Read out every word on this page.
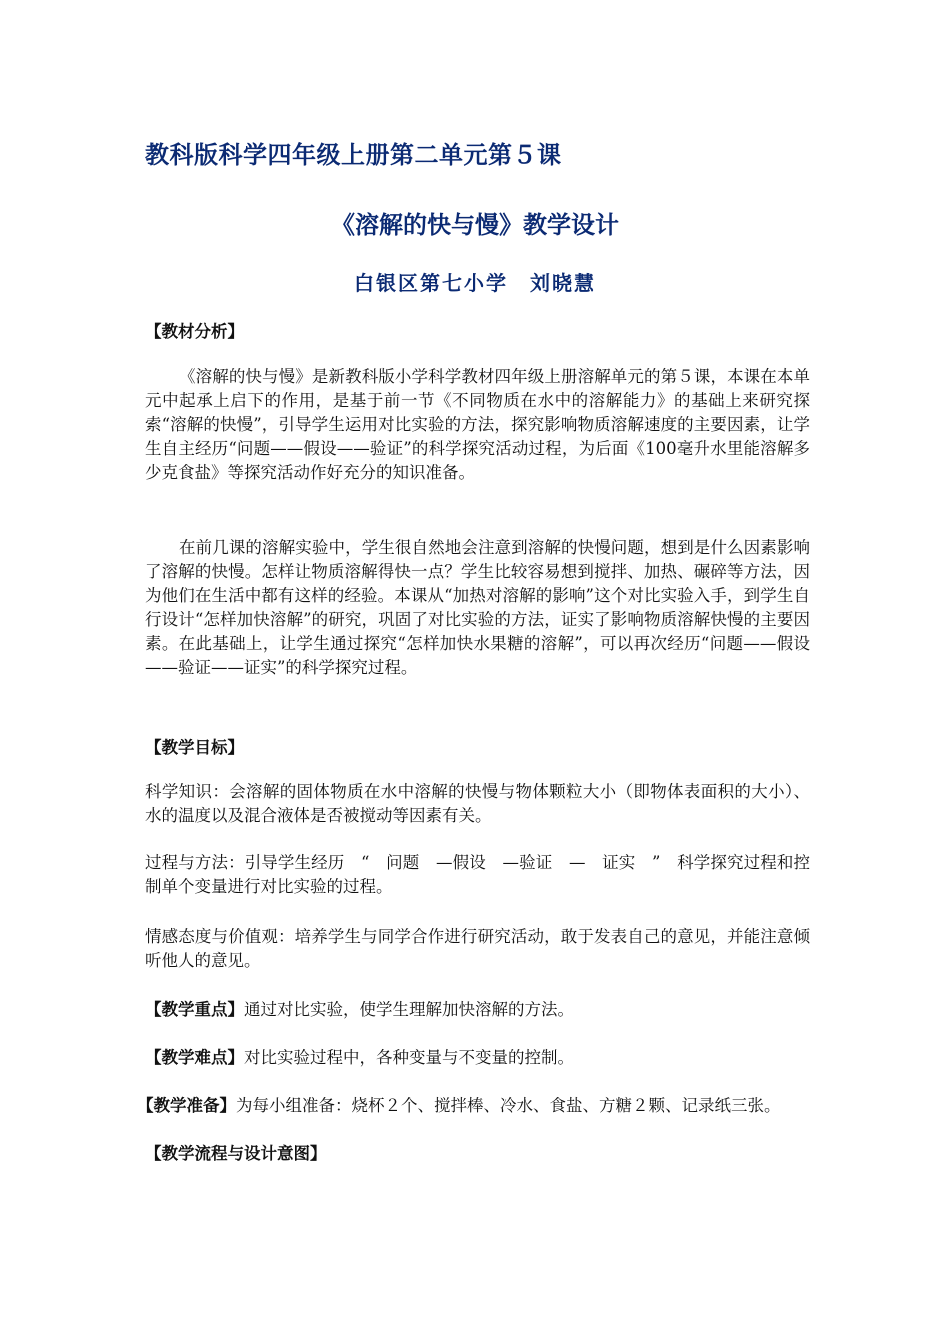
教科版科学四年级上册第二单元第５课
《溶解的快与慢》教学设计
白银区第七小学　刘晓慧
【教材分析】
《溶解的快与慢》是新教科版小学科学教材四年级上册溶解单元的第５课，本课在本单元中起承上启下的作用，是基于前一节《不同物质在水中的溶解能力》的基础上来研究探索“溶解的快慢”，引导学生运用对比实验的方法，探究影响物质溶解速度的主要因素，让学生自主经历“问题——假设——验证”的科学探究活动过程，为后面《100毫升水里能溶解多少克食盐》等探究活动作好充分的知识准备。
在前几课的溶解实验中，学生很自然地会注意到溶解的快慢问题，想到是什么因素影响了溶解的快慢。怎样让物质溶解得快一点？学生比较容易想到搅拌、加热、碾碎等方法，因为他们在生活中都有这样的经验。本课从“加热对溶解的影响”这个对比实验入手，到学生自行设计“怎样加快溶解”的研究，巩固了对比实验的方法，证实了影响物质溶解快慢的主要因素。在此基础上，让学生通过探究“怎样加快水果糖的溶解”，可以再次经历“问题——假设——验证——证实”的科学探究过程。
【教学目标】
科学知识：会溶解的固体物质在水中溶解的快慢与物体颗粒大小（即物体表面积的大小）、水的温度以及混合液体是否被搅动等因素有关。
过程与方法：引导学生经历　“　问题　—假设　—验证　—　证实　”　科学探究过程和控制单个变量进行对比实验的过程。
情感态度与价值观：培养学生与同学合作进行研究活动，敢于发表自己的意见，并能注意倾听他人的意见。
【教学重点】通过对比实验，使学生理解加快溶解的方法。
【教学难点】对比实验过程中，各种变量与不变量的控制。
【教学准备】为每小组准备：烧杯２个、搅拌棒、冷水、食盐、方糖２颗、记录纸三张。
【教学流程与设计意图】
